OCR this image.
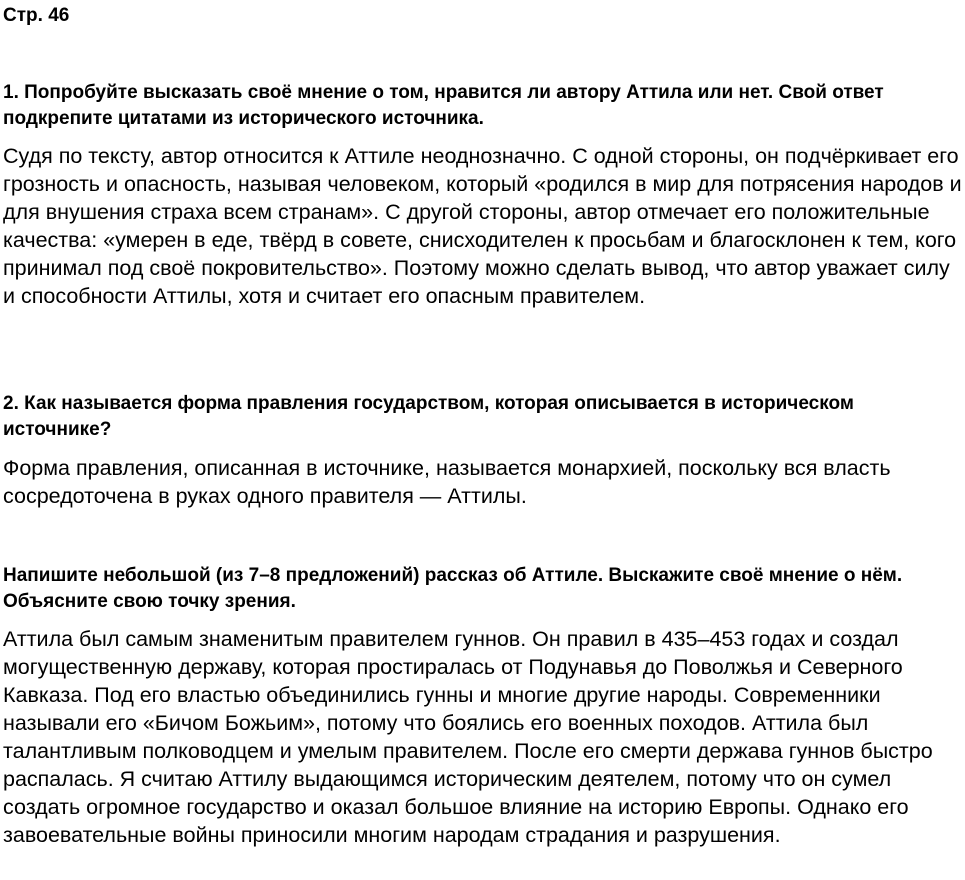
Стр. 46

1. Попробуйте высказать своё мнение о том, нравится ли автору Аттила или нет. Свой ответ подкрепите цитатами из исторического источника.

Судя по тексту, автор относится к Аттиле неоднозначно. С одной стороны, он подчёркивает его грозность и опасность, называя человеком, который «родился в мир для потрясения народов и для внушения страха всем странам». С другой стороны, автор отмечает его положительные качества: «умерен в еде, твёрд в совете, снисходителен к просьбам и благосклонен к тем, кого принимал под своё покровительство». Поэтому можно сделать вывод, что автор уважает силу и способности Аттилы, хотя и считает его опасным правителем.

2. Как называется форма правления государством, которая описывается в историческом источнике?

Форма правления, описанная в источнике, называется монархией, поскольку вся власть сосредоточена в руках одного правителя — Аттилы.

Напишите небольшой (из 7–8 предложений) рассказ об Аттиле. Выскажите своё мнение о нём. Объясните свою точку зрения.

Аттила был самым знаменитым правителем гуннов. Он правил в 435–453 годах и создал могущественную державу, которая простиралась от Подунавья до Поволжья и Северного Кавказа. Под его властью объединились гунны и многие другие народы. Современники называли его «Бичом Божьим», потому что боялись его военных походов. Аттила был талантливым полководцем и умелым правителем. После его смерти держава гуннов быстро распалась. Я считаю Аттилу выдающимся историческим деятелем, потому что он сумел создать огромное государство и оказал большое влияние на историю Европы. Однако его завоевательные войны приносили многим народам страдания и разрушения.
